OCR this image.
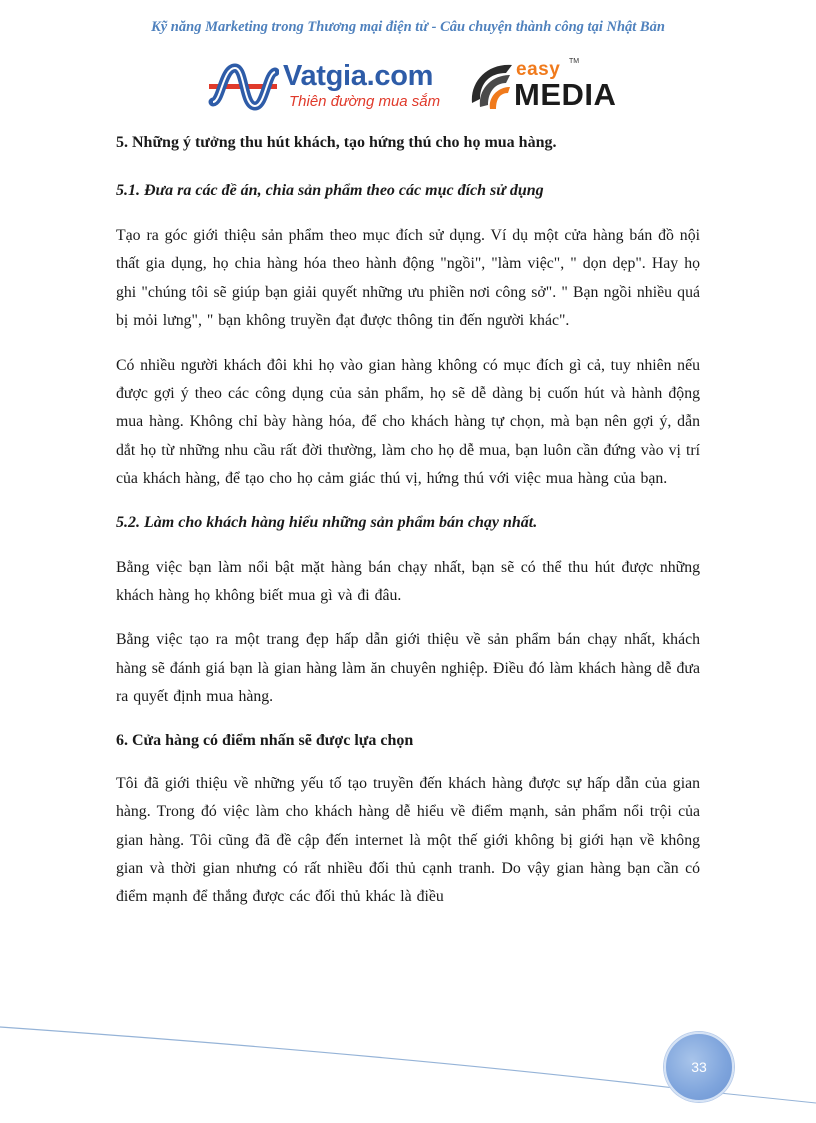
Kỹ năng Marketing trong Thương mại điện tử - Câu chuyện thành công tại Nhật Bản
Vatgia.com
Thiên đường mua sắm
easy TM
MEDIA
5. Những ý tưởng thu hút khách, tạo hứng thú cho họ mua hàng.
5.1. Đưa ra các đề án, chia sản phẩm theo các mục đích sử dụng

Tạo ra góc giới thiệu sản phẩm theo mục đích sử dụng. Ví dụ một cửa hàng bán đồ nội thất gia dụng, họ chia hàng hóa theo hành động "ngồi", "làm việc", " dọn dẹp". Hay họ ghi "chúng tôi sẽ giúp bạn giải quyết những ưu phiền nơi công sở". " Bạn ngồi nhiều quá bị mỏi lưng", " bạn không truyền đạt được thông tin đến người khác".

Có nhiều người khách đôi khi họ vào gian hàng không có mục đích gì cả, tuy nhiên nếu được gợi ý theo các công dụng của sản phẩm, họ sẽ dễ dàng bị cuốn hút và hành động mua hàng. Không chỉ bày hàng hóa, để cho khách hàng tự chọn, mà bạn nên gợi ý, dẫn dắt họ từ những nhu cầu rất đời thường, làm cho họ dễ mua, bạn luôn cần đứng vào vị trí của khách hàng, để tạo cho họ cảm giác thú vị, hứng thú với việc mua hàng của bạn.

5.2. Làm cho khách hàng hiểu những sản phẩm bán chạy nhất.

Bằng việc bạn làm nổi bật mặt hàng bán chạy nhất, bạn sẽ có thể thu hút được những khách hàng họ không biết mua gì và đi đâu.

Bằng việc tạo ra một trang đẹp hấp dẫn giới thiệu về sản phẩm bán chạy nhất, khách hàng sẽ đánh giá bạn là gian hàng làm ăn chuyên nghiệp. Điều đó làm khách hàng dễ đưa ra quyết định mua hàng.

6. Cửa hàng có điểm nhấn sẽ được lựa chọn

Tôi đã giới thiệu về những yếu tố tạo truyền đến khách hàng được sự hấp dẫn của gian hàng. Trong đó việc làm cho khách hàng dễ hiểu về điểm mạnh, sản phẩm nổi trội của gian hàng. Tôi cũng đã đề cập đến internet là một thế giới không bị giới hạn về không gian và thời gian nhưng có rất nhiều đối thủ cạnh tranh. Do vậy gian hàng bạn cần có điểm mạnh để thắng được các đối thủ khác là điều

33
